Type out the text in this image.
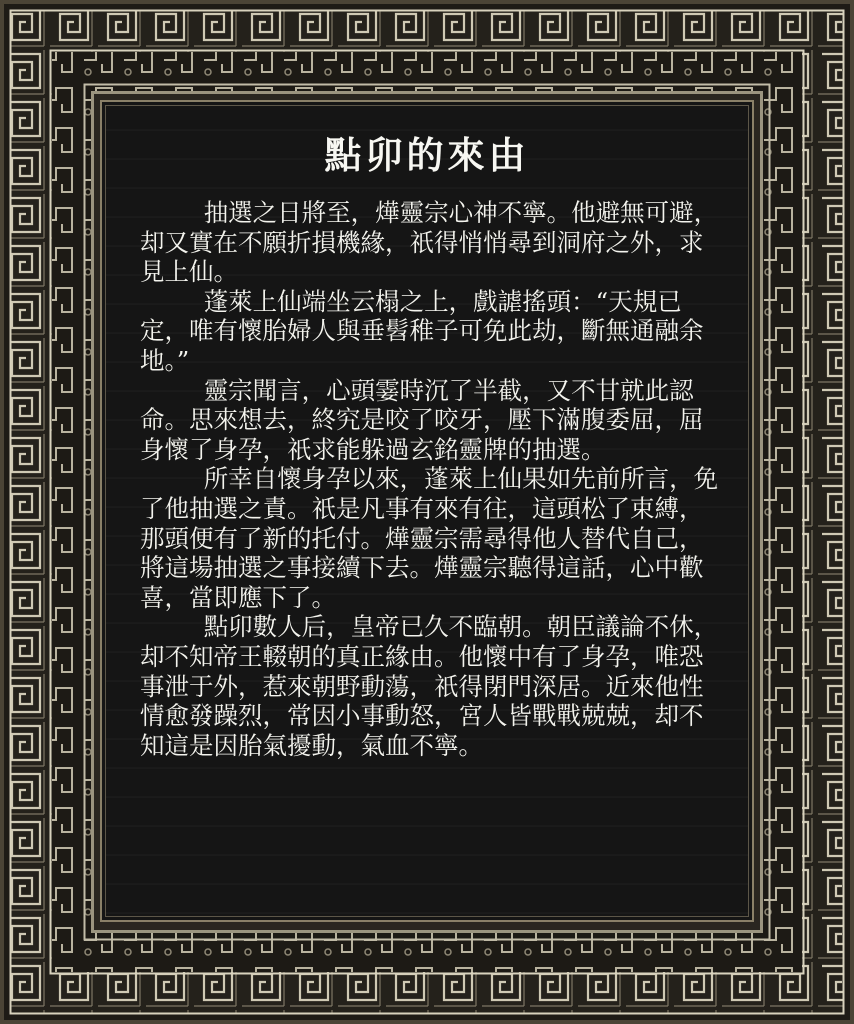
點卯的來由

抽選之日將至，燁靈宗心神不寧。他避無可避，却又實在不願折損機緣，祇得悄悄尋到洞府之外，求見上仙。

蓬萊上仙端坐云榻之上，戲謔搖頭：“天規已定，唯有懷胎婦人與垂髫稚子可免此劫，斷無通融余地。”

靈宗聞言，心頭霎時沉了半截，又不甘就此認命。思來想去，終究是咬了咬牙，壓下滿腹委屈，屈身懷了身孕，祇求能躲過玄銘靈牌的抽選。

所幸自懷身孕以來，蓬萊上仙果如先前所言，免了他抽選之責。祇是凡事有來有往，這頭松了束縛，那頭便有了新的托付。燁靈宗需尋得他人替代自己，將這場抽選之事接續下去。燁靈宗聽得這話，心中歡喜，當即應下了。

點卯數人后，皇帝已久不臨朝。朝臣議論不休，却不知帝王輟朝的真正緣由。他懷中有了身孕，唯恐事泄于外，惹來朝野動蕩，祇得閉門深居。近來他性情愈發躁烈，常因小事動怒，宮人皆戰戰兢兢，却不知這是因胎氣擾動，氣血不寧。
